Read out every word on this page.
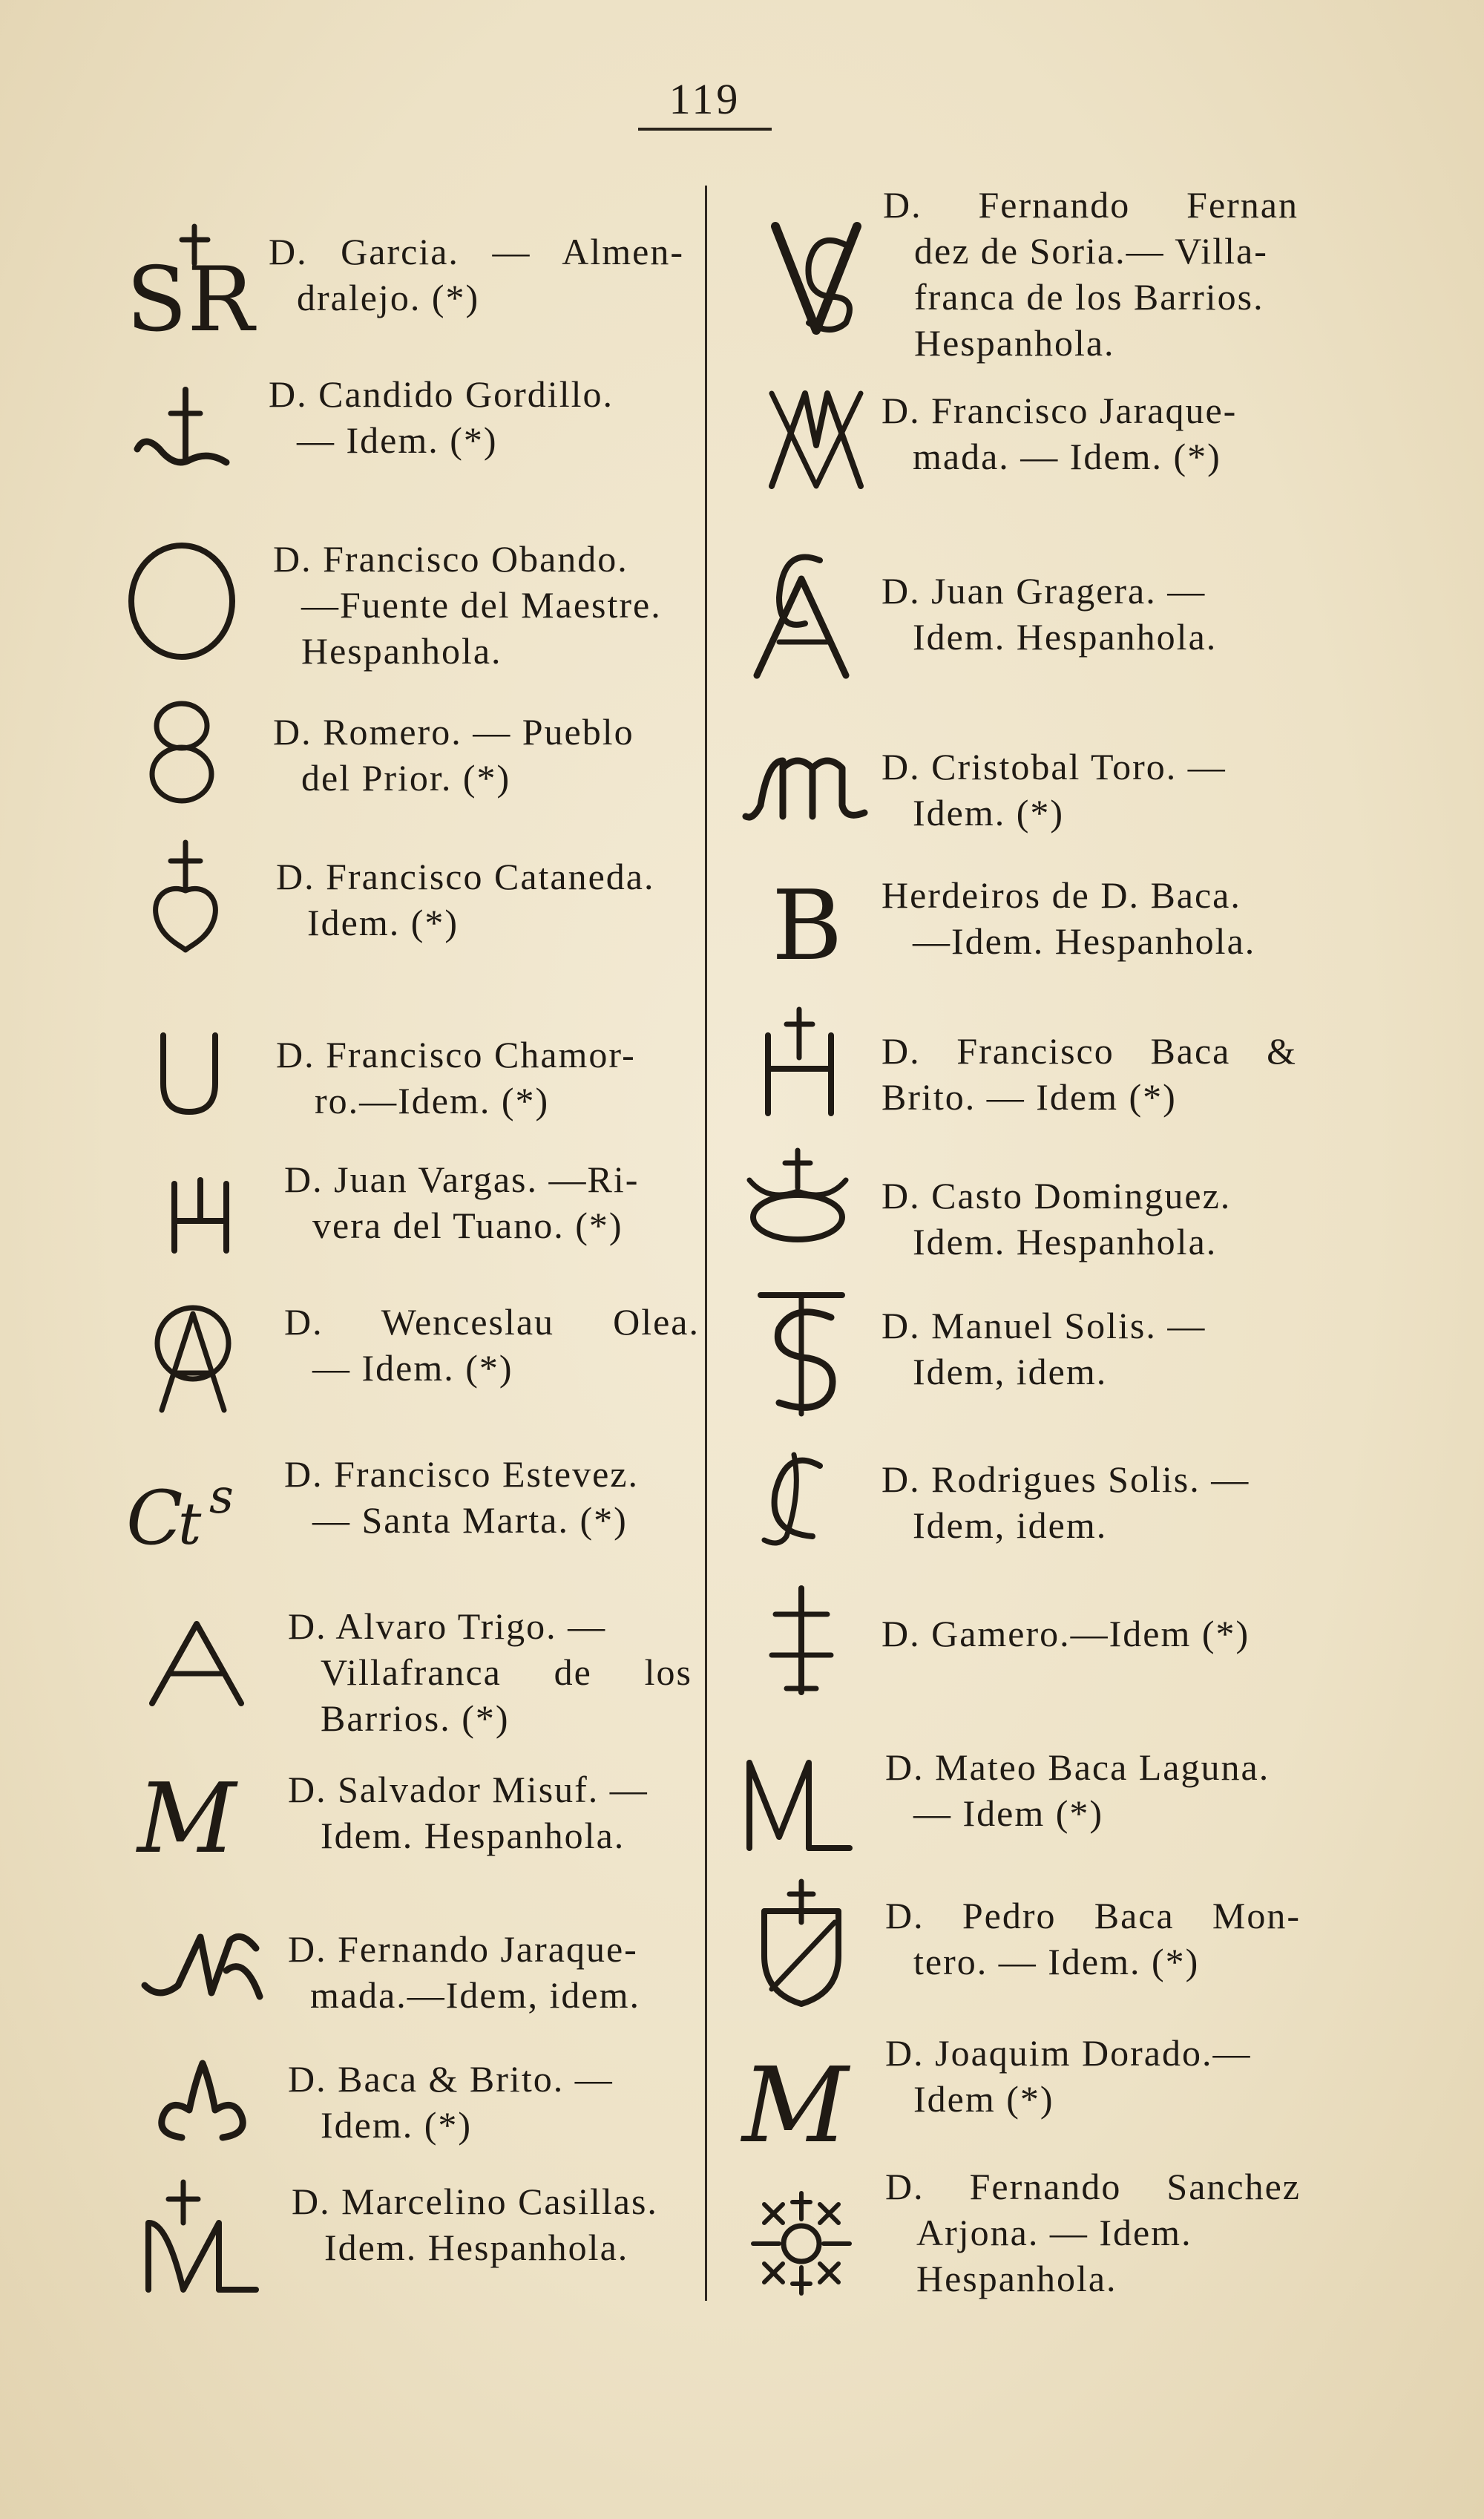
119
SR D. Garcia. — Almen-
dralejo. (*)
D. Candido Gordillo.
— Idem. (*)
D. Francisco Obando.
—Fuente del Maestre.
Hespanhola.
D. Romero. — Pueblo
del Prior. (*)
D. Francisco Cataneda.
Idem. (*)
D. Francisco Chamor-
ro.—Idem. (*)
D. Juan Vargas. —Ri-
vera del Tuano. (*)
D. Wenceslau Olea.
— Idem. (*)
C
t s D. Francisco Estevez.
— Santa Marta. (*)
D. Alvaro Trigo. —
Villafranca de los
Barrios. (*)
M D. Salvador Misuf. —
Idem. Hespanhola.
D. Fernando Jaraque-
mada.—Idem, idem.
D. Baca & Brito. —
Idem. (*)
D. Marcelino Casillas.
Idem. Hespanhola.
D. Fernando Fernan
dez de Soria.— Villa-
franca de los Barrios.
Hespanhola.
D. Francisco Jaraque-
mada. — Idem. (*)
D. Juan Gragera. —
Idem. Hespanhola.
D. Cristobal Toro. —
Idem. (*)
B Herdeiros de D. Baca.
—Idem. Hespanhola.
D. Francisco Baca &
Brito. — Idem (*)
D. Casto Dominguez.
Idem. Hespanhola.
D. Manuel Solis. —
Idem, idem.
D. Rodrigues Solis. —
Idem, idem.
D. Gamero.—Idem (*)
D. Mateo Baca Laguna.
— Idem (*)
D. Pedro Baca Mon-
tero. — Idem. (*)
M D. Joaquim Dorado.—
Idem (*)
D. Fernando Sanchez
Arjona. — Idem.
Hespanhola.
